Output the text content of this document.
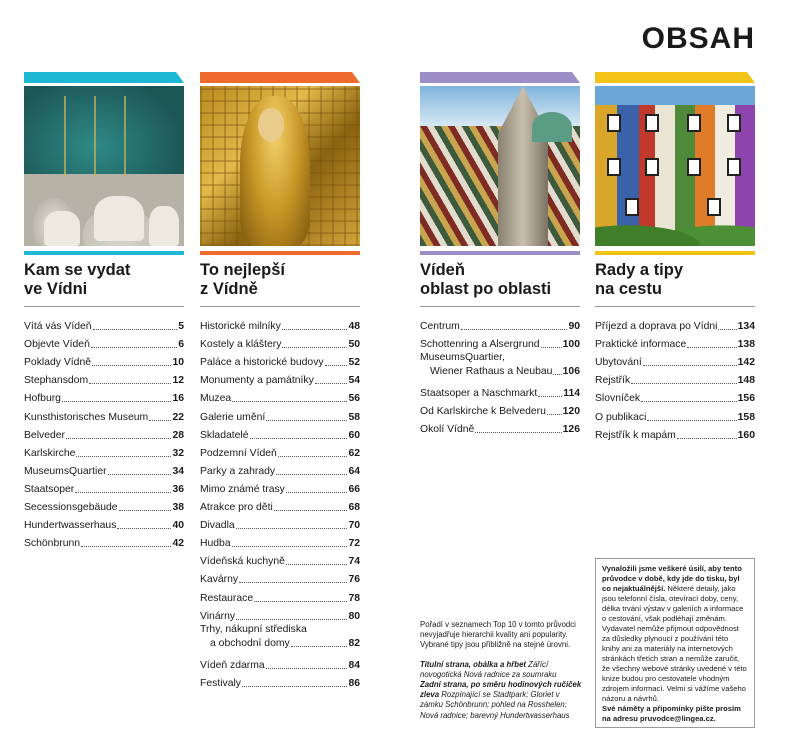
OBSAH
Kam se vydat
ve Vídni
Vítá vás Vídeň	5
Objevte Vídeň	6
Poklady Vídně	10
Stephansdom	12
Hofburg	16
Kunsthistorisches Museum 22
Belveder	28
Karlskirche	32
MuseumsQuartier	34
Staatsoper	36
Secessionsgebäude	38
Hundertwasserhaus	40
Schönbrunn	42
To nejlepší
z Vídně
Historické milníky	48
Kostely a kláštery	50
Paláce a historické budovy 52
Monumenty a památníky	54
Muzea	56
Galerie umění	58
Skladatelé	60
Podzemní Vídeň	62
Parky a zahrady	64
Mimo známé trasy	66
Atrakce pro děti	68
Divadla	70
Hudba	72
Vídeňská kuchyně	74
Kavárny	76
Restaurace	78
Vinárny	80
Trhy, nákupní střediska
a obchodní domy	82
Vídeň zdarma	84
Festivaly	86
Vídeň
oblast po oblasti
Centrum	90
Schottenring a Alsergrund 100
MuseumsQuartier,
Wiener Rathaus a Neubau 106
Staatsoper a Naschmarkt 114
Od Karlskirche k Belvederu 120
Okolí Vídně	126
Rady a tipy
na cestu
Příjezd a doprava po Vídni 134
Praktické informace	138
Ubytování	142
Rejstřík	148
Slovníček	156
O publikaci	158
Rejstřík k mapám	160

Pořadí v seznamech Top 10 v tomto průvodci nevyjadřuje hierarchii kvality ani popularity. Vybrané tipy jsou přibližně na stejné úrovni.

Titulní strana, obálka a hřbet Zářící novogotická Nová radnice za soumraku
Zadní strana, po směru hodinových ručiček zleva Rozpínající se Stadtpark; Gloriet v zámku Schönbrunn; pohled na Rosshelen; Nová radnice; barevný Hundertwasserhaus

Vynaložili jsme veškeré úsilí, aby tento průvodce v době, kdy jde do tisku, byl co nejaktuálnější. Některé detaily, jako jsou telefonní čísla, otevírací doby, ceny, délka trvání výstav v galeriích a informace o cestování, však podléhají změnám. Vydavatel nemůže přijmout odpovědnost za důsledky plynoucí z používání této knihy ani za materiály na internetových stránkách třetích stran a nemůže zaručit, že všechny webové stránky uvedené v této knize budou pro cestovatele vhodným zdrojem informací. Velmi si vážíme vašeho názoru a návrhů.
Své náměty a připomínky pište prosím na adresu pruvodce@lingea.cz.
